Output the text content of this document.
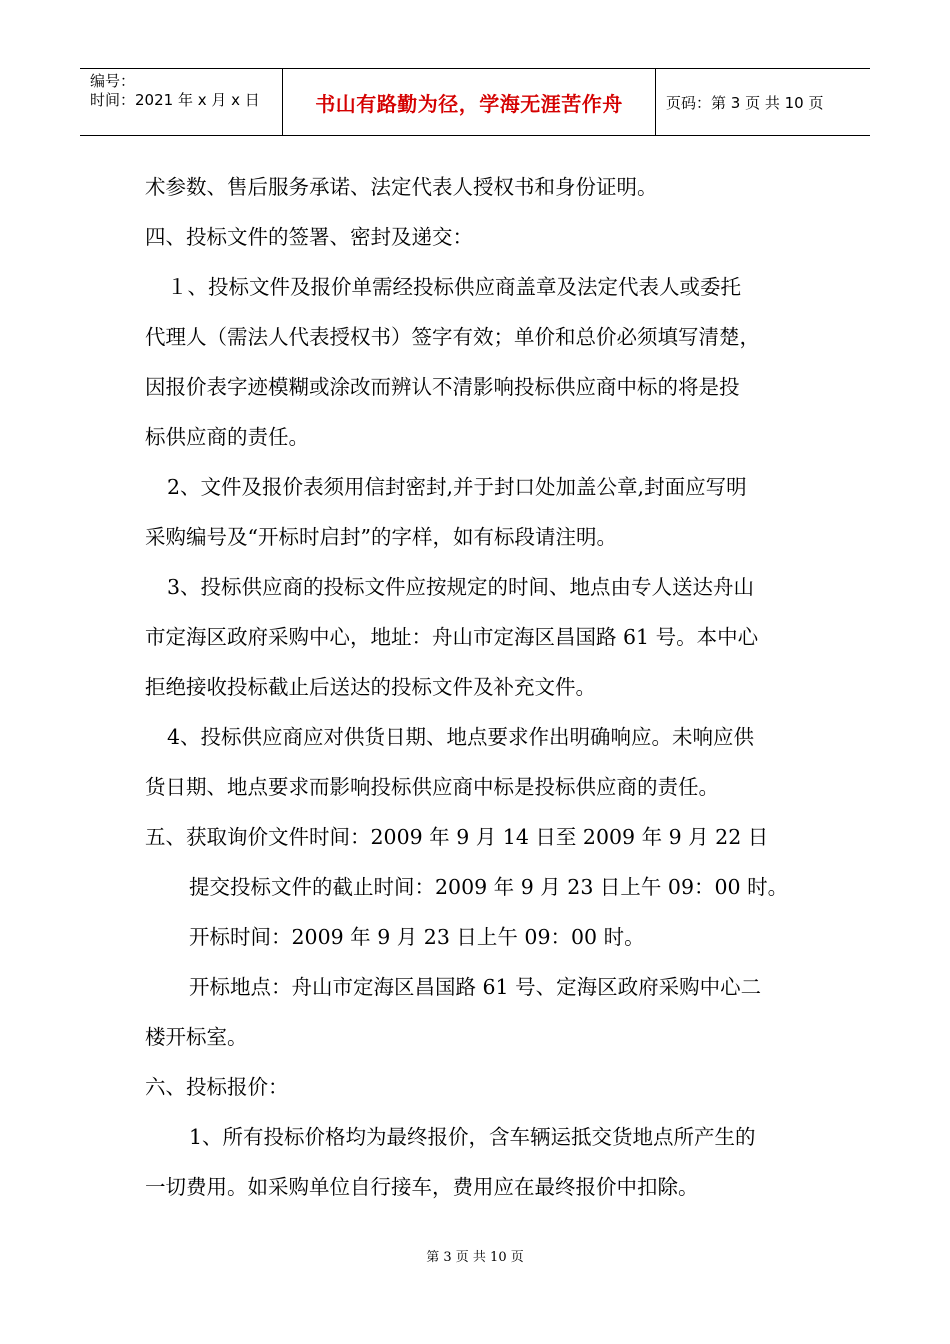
编号：
时间：2021 年 x 月 x 日	书山有路勤为径，学海无涯苦作舟	页码：第 3 页 共 10 页
术参数、售后服务承诺、法定代表人授权书和身份证明。
四、投标文件的签署、密封及递交：
１、投标文件及报价单需经投标供应商盖章及法定代表人或委托
代理人（需法人代表授权书）签字有效；单价和总价必须填写清楚，
因报价表字迹模糊或涂改而辨认不清影响投标供应商中标的将是投
标供应商的责任。
2、文件及报价表须用信封密封,并于封口处加盖公章,封面应写明
采购编号及“开标时启封”的字样，如有标段请注明。
3、投标供应商的投标文件应按规定的时间、地点由专人送达舟山
市定海区政府采购中心，地址：舟山市定海区昌国路 61 号。本中心
拒绝接收投标截止后送达的投标文件及补充文件。
4、投标供应商应对供货日期、地点要求作出明确响应。未响应供
货日期、地点要求而影响投标供应商中标是投标供应商的责任。
五、获取询价文件时间：2009 年 9 月 14 日至 2009 年 9 月 22 日
提交投标文件的截止时间：2009 年 9 月 23 日上午 09：00 时。
开标时间：2009 年 9 月 23 日上午 09：00 时。
开标地点：舟山市定海区昌国路 61 号、定海区政府采购中心二
楼开标室。
六、投标报价：
1、所有投标价格均为最终报价，含车辆运抵交货地点所产生的
一切费用。如采购单位自行接车，费用应在最终报价中扣除。
第 3 页 共 10 页
